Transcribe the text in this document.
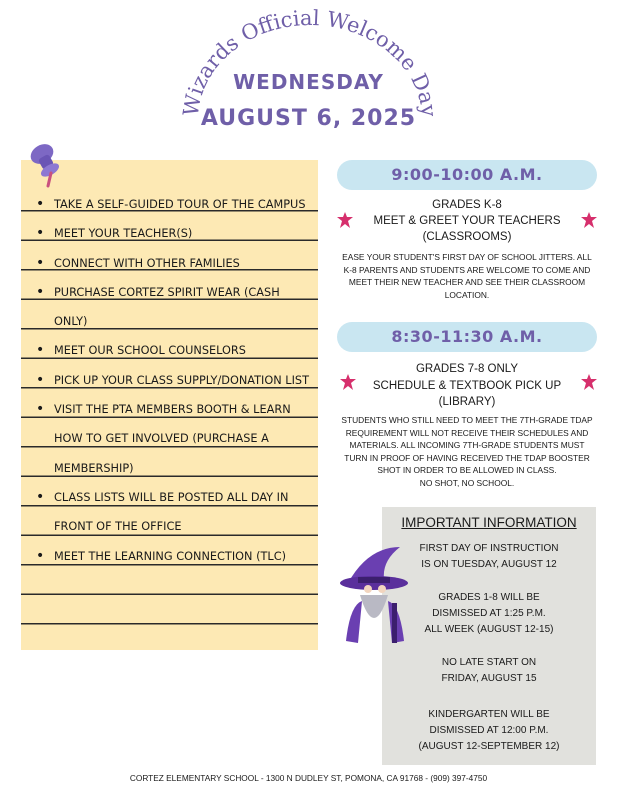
Wizards Official Welcome Day
WEDNESDAY
AUGUST 6, 2025
• TAKE A SELF-GUIDED TOUR OF THE CAMPUS
• MEET YOUR TEACHER(S)
• CONNECT WITH OTHER FAMILIES
• PURCHASE CORTEZ SPIRIT WEAR (CASH ONLY)
• MEET OUR SCHOOL COUNSELORS
• PICK UP YOUR CLASS SUPPLY/DONATION LIST
• VISIT THE PTA MEMBERS BOOTH & LEARN HOW TO GET INVOLVED (PURCHASE A MEMBERSHIP)
• CLASS LISTS WILL BE POSTED ALL DAY IN FRONT OF THE OFFICE
• MEET THE LEARNING CONNECTION (TLC)
9:00-10:00 A.M.
GRADES K-8
MEET & GREET YOUR TEACHERS
(CLASSROOMS)
EASE YOUR STUDENT'S FIRST DAY OF SCHOOL JITTERS. ALL
K-8 PARENTS AND STUDENTS ARE WELCOME TO COME AND
MEET THEIR NEW TEACHER AND SEE THEIR CLASSROOM
LOCATION.
8:30-11:30 A.M.
GRADES 7-8 ONLY
SCHEDULE & TEXTBOOK PICK UP
(LIBRARY)
STUDENTS WHO STILL NEED TO MEET THE 7TH-GRADE TDAP
REQUIREMENT WILL NOT RECEIVE THEIR SCHEDULES AND
MATERIALS. ALL INCOMING 7TH-GRADE STUDENTS MUST
TURN IN PROOF OF HAVING RECEIVED THE TDAP BOOSTER
SHOT IN ORDER TO BE ALLOWED IN CLASS.
NO SHOT, NO SCHOOL.
IMPORTANT INFORMATION
FIRST DAY OF INSTRUCTION
IS ON TUESDAY, AUGUST 12
GRADES 1-8 WILL BE
DISMISSED AT 1:25 P.M.
ALL WEEK (AUGUST 12-15)
NO LATE START ON
FRIDAY, AUGUST 15
KINDERGARTEN WILL BE
DISMISSED AT 12:00 P.M.
(AUGUST 12-SEPTEMBER 12)
CORTEZ ELEMENTARY SCHOOL - 1300 N DUDLEY ST, POMONA, CA 91768 - (909) 397-4750
